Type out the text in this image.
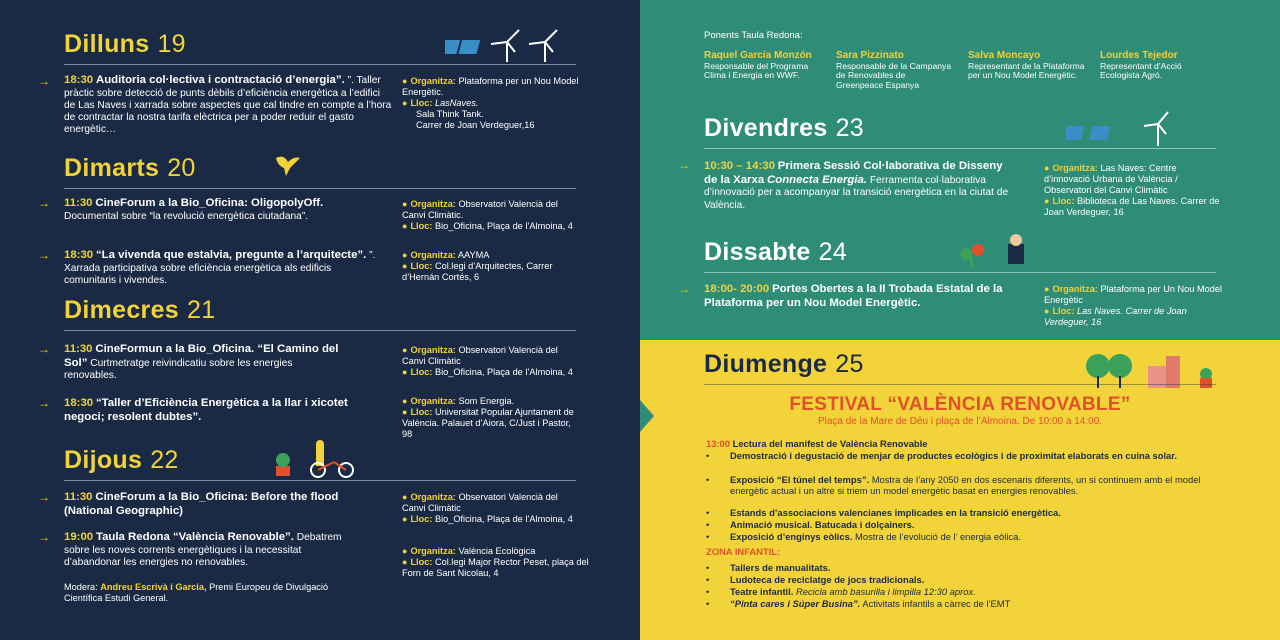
Dilluns 19
→ 18:30 Auditoria col·lectiva i contractació d’energia”. ”. Taller pràctic sobre detecció de punts dèbils d’eficiència energètica a l’edifici de Las Naves i xarrada sobre aspectes que cal tindre en compte a l’hora de contractar la nostra tarifa elèctrica per a poder reduir el gasto energètic…
● Organitza: Plataforma per un Nou Model Energètic.
● Lloc: LasNaves.
Sala Think Tank.
Carrer de Joan Verdeguer,16
Dimarts 20
→ 11:30 CineForum a la Bio_Oficina: OligopolyOff. Documental sobre “la revolució energètica ciutadana”.
● Organitza: Observatori Valencià del Canvi Climàtic.
● Lloc: Bio_Oficina, Plaça de l’Almoina, 4
→ 18:30 “La vivenda que estalvia, pregunte a l’arquitecte”. ”. Xarrada participativa sobre eficiència energètica als edificis comunitaris i vivendes.
● Organitza: AAYMA
● Lloc: Col.legi d’Arquitectes, Carrer d’Hernán Cortés, 6
Dimecres 21
→ 11:30 CineFormun a la Bio_Oficina. “El Camino del Sol” Curtmetratge reivindicatiu sobre les energies renovables.
● Organitza: Observatori Valencià del Canvi Climàtic
● Lloc: Bio_Oficina, Plaça de l’Almoina, 4
→ 18:30 “Taller d’Eficiència Energètica a la llar i xicotet negoci; resolent dubtes”.
● Organitza: Som Energia.
● Lloc: Universitat Popular Ajuntament de València. Palauet d’Aiora, C/Just i Pastor, 98
Dijous 22
→ 11:30 CineForum a la Bio_Oficina: Before the flood (National Geographic)
● Organitza: Observatori Valencià del Canvi Climàtic
● Lloc: Bio_Oficina, Plaça de l’Almoina, 4
→ 19:00 Taula Redona “València Renovable”. Debatrem sobre les noves corrents energètiques i la necessitat d’abandonar les energies no renovables.
Modera: Andreu Escrivà i Garcia, Premi Europeu de Divulgació Científica Estudi General.
● Organitza: València Ecològica
● Lloc: Col.legi Major Rector Peset, plaça del Forn de Sant Nicolau, 4
Ponents Taula Redona:
Raquel García Monzón
Responsable del Programa Clima i Energia en WWF.
Sara Pizzinato
Responsable de la Campanya de Renovables de Greenpeace Espanya
Salva Moncayo
Representant de la Plataforma per un Nou Model Energètic.
Lourdes Tejedor
Representant d’Acció Ecologista Agró.
Divendres 23
→ 10:30 – 14:30 Primera Sessió Col·laborativa de Disseny de la Xarxa Connecta Energia. Ferramenta col·laborativa d’innovació per a acompanyar la transició energètica en la ciutat de València.
● Organitza: Las Naves: Centre d’innovació Urbana de València / Observatori del Canvi Climàtic
● Lloc: Biblioteca de Las Naves. Carrer de Joan Verdeguer, 16
Dissabte 24
→ 18:00- 20:00 Portes Obertes a la II Trobada Estatal de la Plataforma per un Nou Model Energètic.
● Organitza: Plataforma per Un Nou Model Energètic
● Lloc: Las Naves. Carrer de Joan Verdeguer, 16
Diumenge 25
FESTIVAL “VALÈNCIA RENOVABLE”
Plaça de la Mare de Déu i plaça de l’Almoina. De 10:00 a 14:00.
13:00 Lectura del manifest de València Renovable
• Demostració i degustació de menjar de productes ecològics i de proximitat elaborats en cuina solar.
• Exposició “El túnel del temps”. Mostra de l’any 2050 en dos escenaris diferents, un si continuem amb el model energètic actual i un altre si triem un model energètic basat en energies renovables.
• Estands d’associacions valencianes implicades en la transició energètica.
• Animació musical. Batucada i dolçainers.
• Exposició d’enginys eòlics. Mostra de l’evolució de l’ energia eòlica.
ZONA INFANTIL:
• Tallers de manualitats.
• Ludoteca de reciclatge de jocs tradicionals.
• Teatre infantil. Recicla amb basurilla i limpilla 12:30 aprox.
• “Pinta cares i Súper Busina”. Activitats infantils a càrrec de l’EMT
